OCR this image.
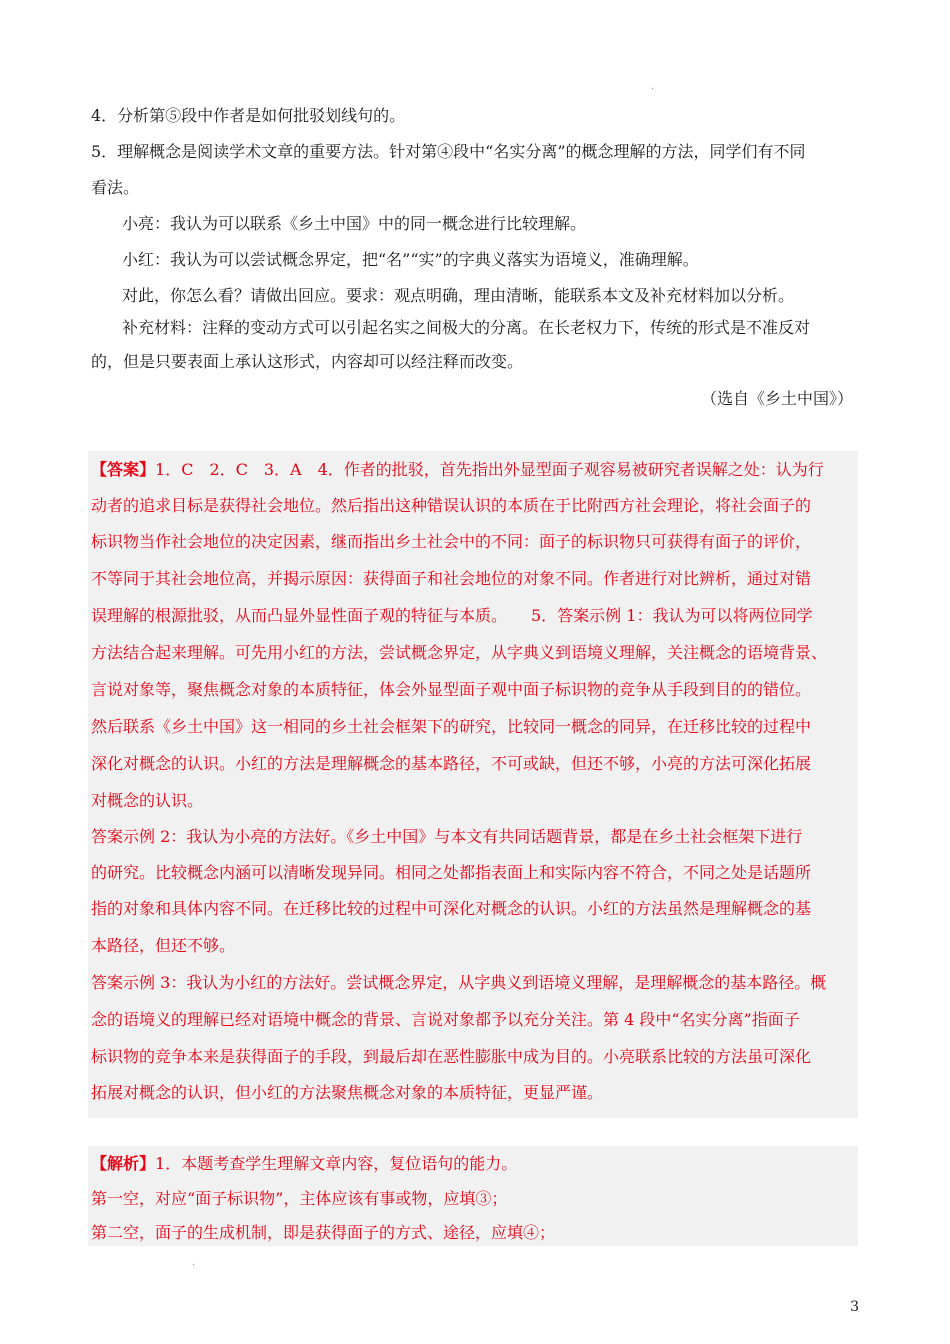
·
4．分析第⑤段中作者是如何批驳划线句的。
5．理解概念是阅读学术文章的重要方法。针对第④段中“名实分离”的概念理解的方法，同学们有不同
看法。
小亮：我认为可以联系《乡土中国》中的同一概念进行比较理解。
小红：我认为可以尝试概念界定，把“名”“实”的字典义落实为语境义，准确理解。
对此，你怎么看？请做出回应。要求：观点明确，理由清晰，能联系本文及补充材料加以分析。
补充材料：注释的变动方式可以引起名实之间极大的分离。在长老权力下，传统的形式是不准反对
的，但是只要表面上承认这形式，内容却可以经注释而改变。
（选自《乡土中国》）
【答案】1．C　2．C　3．A　4．作者的批驳，首先指出外显型面子观容易被研究者误解之处：认为行
动者的追求目标是获得社会地位。然后指出这种错误认识的本质在于比附西方社会理论，将社会面子的
标识物当作社会地位的决定因素，继而指出乡土社会中的不同：面子的标识物只可获得有面子的评价，
不等同于其社会地位高，并揭示原因：获得面子和社会地位的对象不同。作者进行对比辨析，通过对错
误理解的根源批驳，从而凸显外显性面子观的特征与本质。　　5．答案示例 1：我认为可以将两位同学
方法结合起来理解。可先用小红的方法，尝试概念界定，从字典义到语境义理解，关注概念的语境背景、
言说对象等，聚焦概念对象的本质特征，体会外显型面子观中面子标识物的竞争从手段到目的的错位。
然后联系《乡土中国》这一相同的乡土社会框架下的研究，比较同一概念的同异，在迁移比较的过程中
深化对概念的认识。小红的方法是理解概念的基本路径，不可或缺，但还不够，小亮的方法可深化拓展
对概念的认识。
答案示例 2：我认为小亮的方法好。《乡土中国》与本文有共同话题背景，都是在乡土社会框架下进行
的研究。比较概念内涵可以清晰发现异同。相同之处都指表面上和实际内容不符合，不同之处是话题所
指的对象和具体内容不同。在迁移比较的过程中可深化对概念的认识。小红的方法虽然是理解概念的基
本路径，但还不够。
答案示例 3：我认为小红的方法好。尝试概念界定，从字典义到语境义理解，是理解概念的基本路径。概
念的语境义的理解已经对语境中概念的背景、言说对象都予以充分关注。第 4 段中“名实分离”指面子
标识物的竞争本来是获得面子的手段，到最后却在恶性膨胀中成为目的。小亮联系比较的方法虽可深化
拓展对概念的认识，但小红的方法聚焦概念对象的本质特征，更显严谨。
【解析】1．本题考查学生理解文章内容，复位语句的能力。
第一空，对应“面子标识物”，主体应该有事或物，应填③；
第二空，面子的生成机制，即是获得面子的方式、途径，应填④；
·
3
